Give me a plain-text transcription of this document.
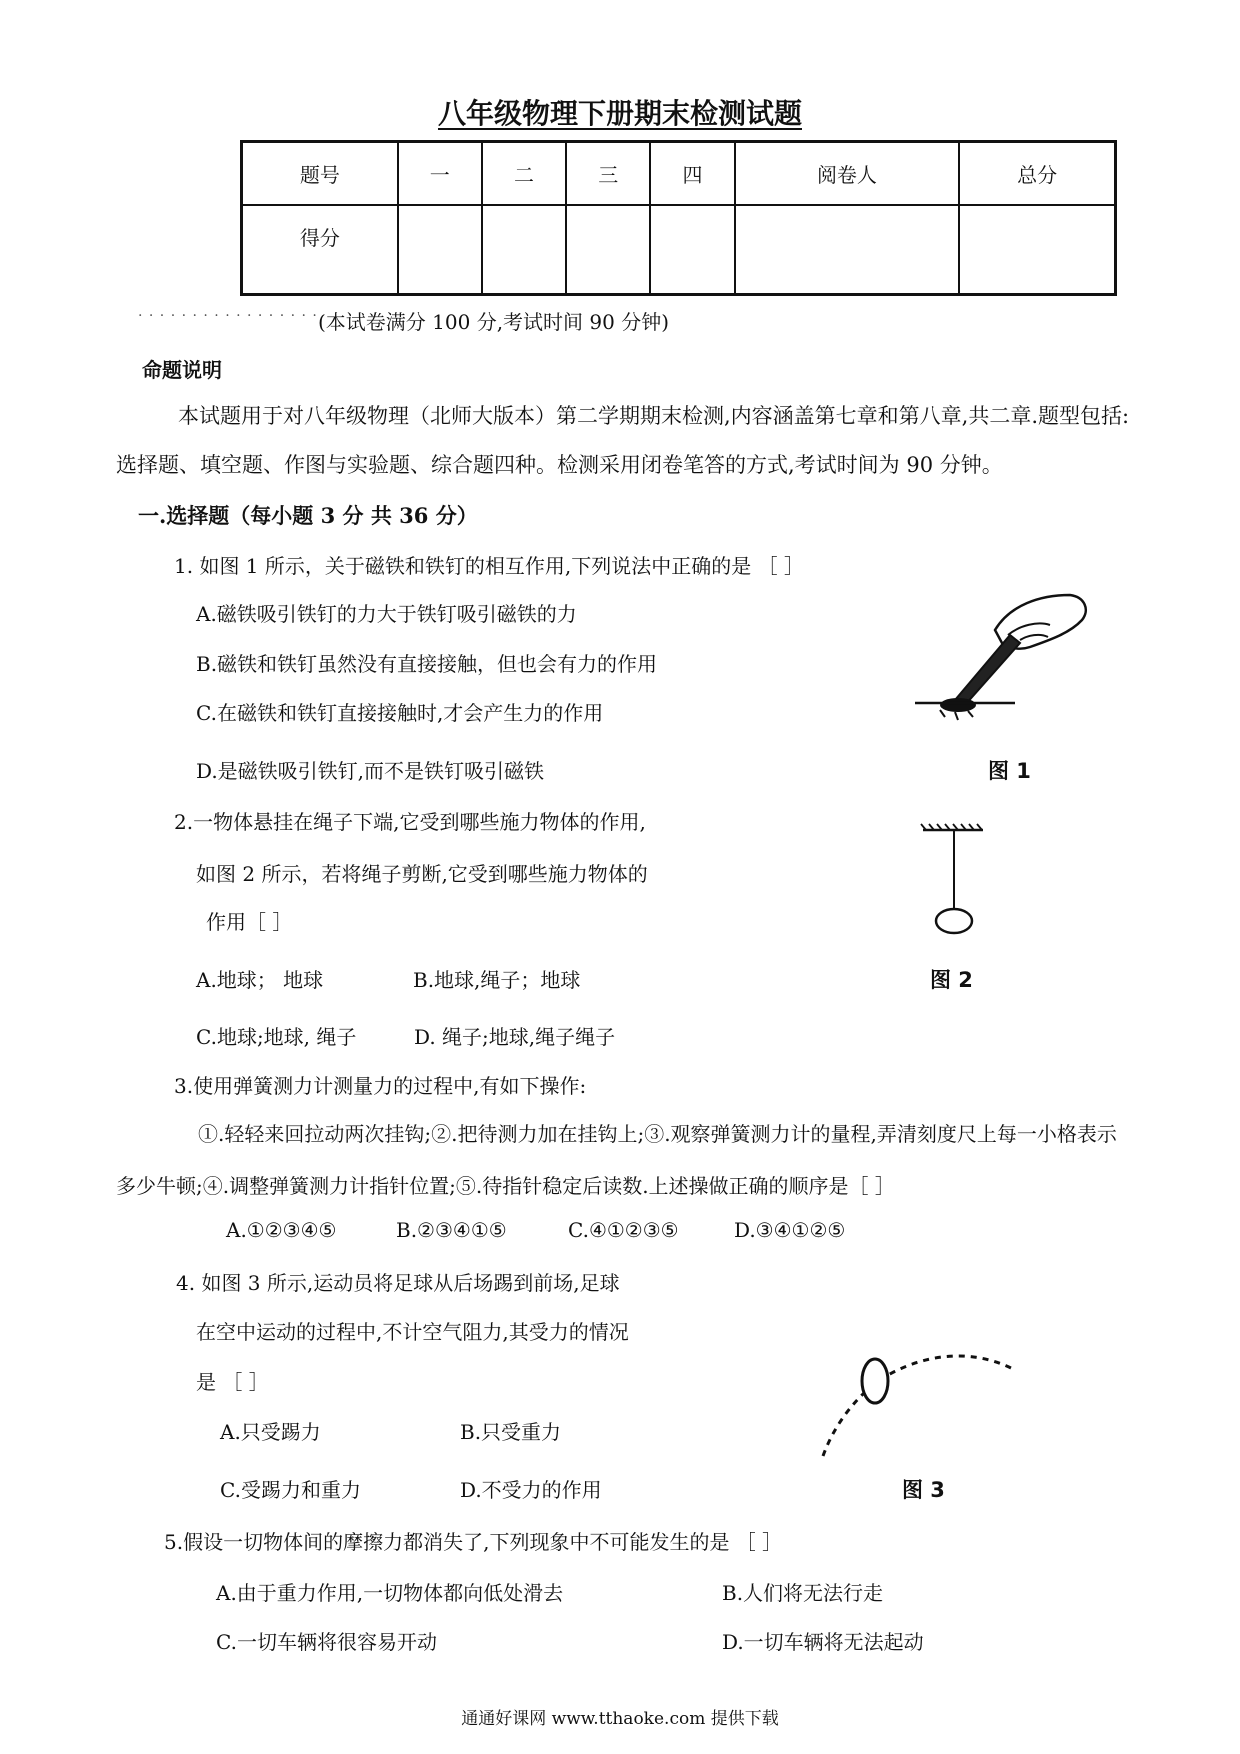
八年级物理下册期末检测试题
题号	一	二	三	四	阅卷人	总分
得分						
. . . . . . . . . . . . . . . . . (本试卷满分 100 分,考试时间 90 分钟)
命题说明
本试题用于对八年级物理（北师大版本）第二学期期末检测,内容涵盖第七章和第八章,共二章.题型包括:选择题、填空题、作图与实验题、综合题四种。检测采用闭卷笔答的方式,考试时间为 90 分钟。
一.选择题（每小题 3 分 共 36 分）
1. 如图 1 所示，关于磁铁和铁钉的相互作用,下列说法中正确的是 ［ ］
A.磁铁吸引铁钉的力大于铁钉吸引磁铁的力
B.磁铁和铁钉虽然没有直接接触，但也会有力的作用
C.在磁铁和铁钉直接接触时,才会产生力的作用
D.是磁铁吸引铁钉,而不是铁钉吸引磁铁	图 1
2.一物体悬挂在绳子下端,它受到哪些施力物体的作用,
如图 2 所示，若将绳子剪断,它受到哪些施力物体的
作用［ ］
A.地球； 地球	B.地球,绳子；地球
C.地球;地球, 绳子	D. 绳子;地球,绳子绳子
图 2
3.使用弹簧测力计测量力的过程中,有如下操作:
①.轻轻来回拉动两次挂钩;②.把待测力加在挂钩上;③.观察弹簧测力计的量程,弄清刻度尺上每一小格表示多少牛顿;④.调整弹簧测力计指针位置;⑤.待指针稳定后读数.上述操做正确的顺序是［ ］
A.①②③④⑤	B.②③④①⑤	C.④①②③⑤	D.③④①②⑤
4. 如图 3 所示,运动员将足球从后场踢到前场,足球
在空中运动的过程中,不计空气阻力,其受力的情况
是 ［ ］
A.只受踢力	B.只受重力
C.受踢力和重力	D.不受力的作用	图 3
5.假设一切物体间的摩擦力都消失了,下列现象中不可能发生的是 ［ ］
A.由于重力作用,一切物体都向低处滑去	B.人们将无法行走
C.一切车辆将很容易开动	D.一切车辆将无法起动
通通好课网 www.tthaoke.com 提供下载
